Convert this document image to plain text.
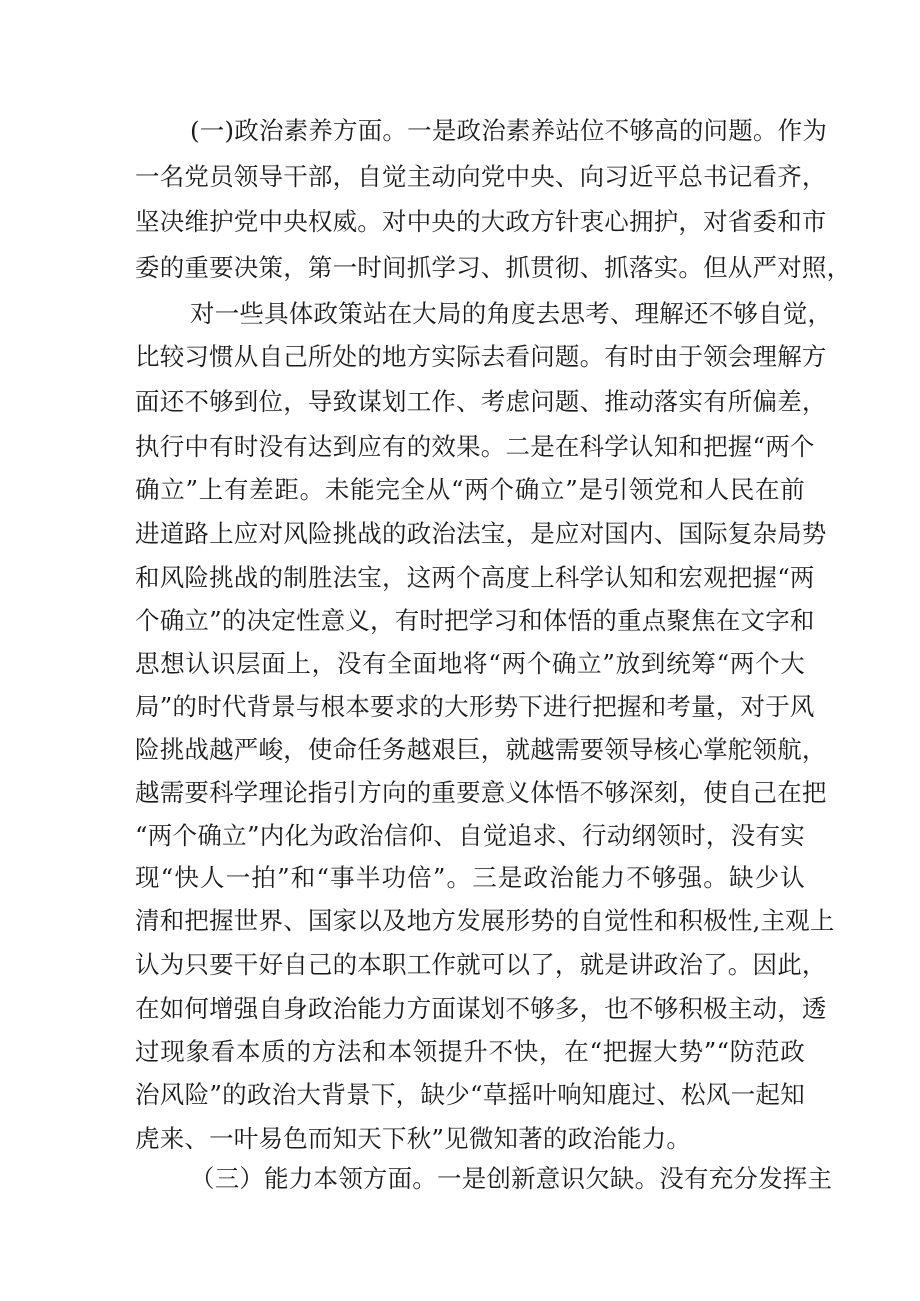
(一)政治素养方面。一是政治素养站位不够高的问题。作为
一名党员领导干部，自觉主动向党中央、向习近平总书记看齐，
坚决维护党中央权威。对中央的大政方针衷心拥护，对省委和市
委的重要决策，第一时间抓学习、抓贯彻、抓落实。但从严对照，
对一些具体政策站在大局的角度去思考、理解还不够自觉，
比较习惯从自己所处的地方实际去看问题。有时由于领会理解方
面还不够到位，导致谋划工作、考虑问题、推动落实有所偏差，
执行中有时没有达到应有的效果。二是在科学认知和把握“两个
确立”上有差距。未能完全从“两个确立”是引领党和人民在前
进道路上应对风险挑战的政治法宝，是应对国内、国际复杂局势
和风险挑战的制胜法宝，这两个高度上科学认知和宏观把握“两
个确立”的决定性意义，有时把学习和体悟的重点聚焦在文字和
思想认识层面上，没有全面地将“两个确立”放到统筹“两个大
局”的时代背景与根本要求的大形势下进行把握和考量，对于风
险挑战越严峻，使命任务越艰巨，就越需要领导核心掌舵领航，
越需要科学理论指引方向的重要意义体悟不够深刻，使自己在把
“两个确立”内化为政治信仰、自觉追求、行动纲领时，没有实
现“快人一拍”和“事半功倍”。三是政治能力不够强。缺少认
清和把握世界、国家以及地方发展形势的自觉性和积极性,主观上
认为只要干好自己的本职工作就可以了，就是讲政治了。因此，
在如何增强自身政治能力方面谋划不够多，也不够积极主动，透
过现象看本质的方法和本领提升不快，在“把握大势”“防范政
治风险”的政治大背景下，缺少“草摇叶响知鹿过、松风一起知
虎来、一叶易色而知天下秋”见微知著的政治能力。
（三）能力本领方面。一是创新意识欠缺。没有充分发挥主
